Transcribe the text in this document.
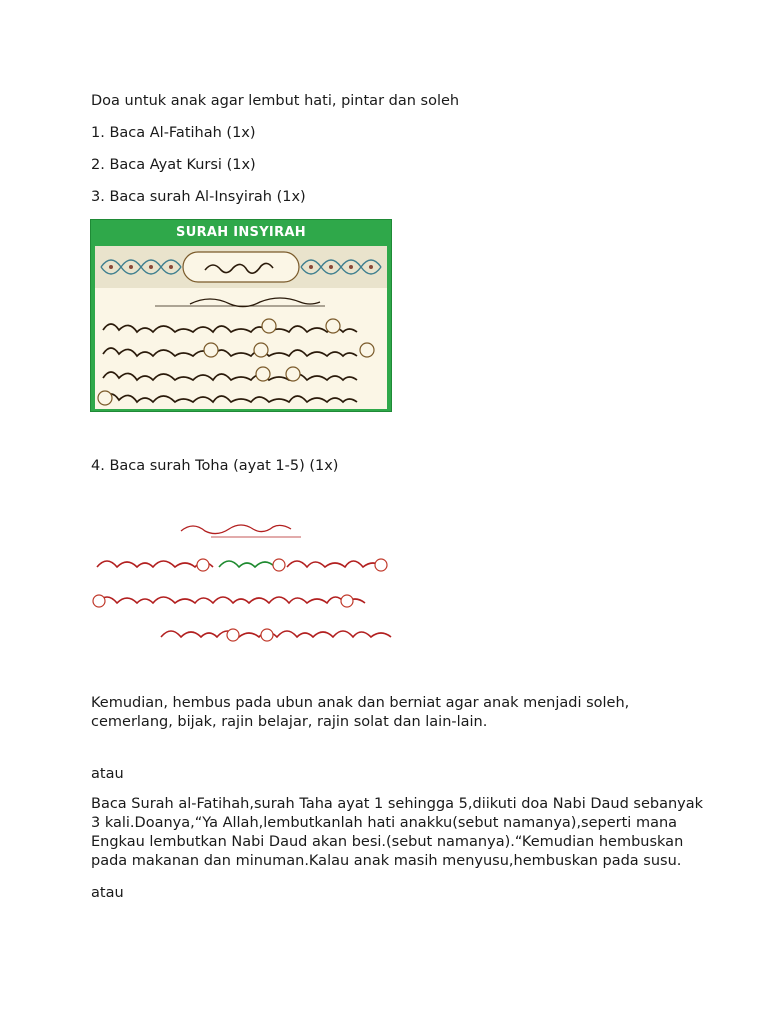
Doa untuk anak agar lembut hati, pintar dan soleh

1. Baca Al-Fatihah (1x)

2. Baca Ayat Kursi (1x)

3. Baca surah Al-Insyirah (1x)

SURAH INSYIRAH

4. Baca surah Toha (ayat 1-5) (1x)

Kemudian, hembus pada ubun anak dan berniat agar anak menjadi soleh,
cemerlang, bijak, rajin belajar, rajin solat dan lain-lain.

atau

Baca Surah al-Fatihah,surah Taha ayat 1 sehingga 5,diikuti doa Nabi Daud sebanyak
3 kali.Doanya,“Ya Allah,lembutkanlah hati anakku(sebut namanya),seperti mana
Engkau lembutkan Nabi Daud akan besi.(sebut namanya).“Kemudian hembuskan
pada makanan dan minuman.Kalau anak masih menyusu,hembuskan pada susu.

atau
